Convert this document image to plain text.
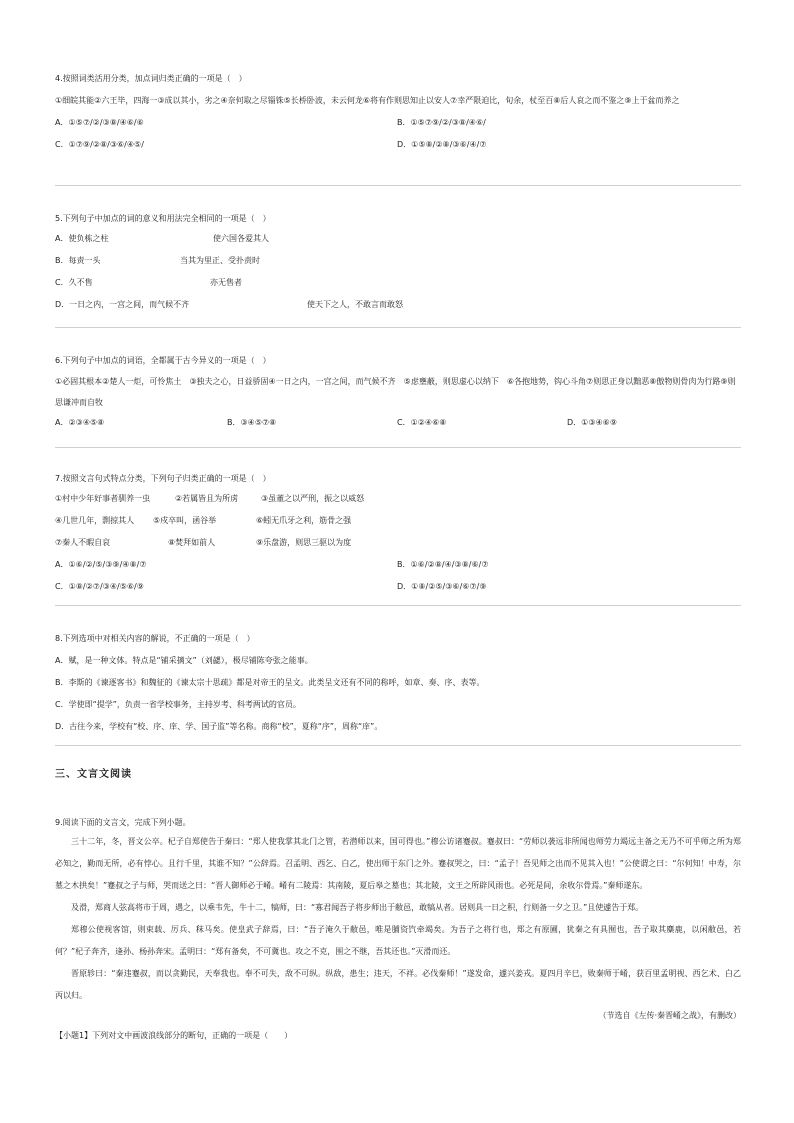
4.按照词类活用分类，加点词归类正确的一项是（　）

①细皖其能②六王毕，四海一③成以其小，劣之④奈何取之尽锱铢⑤长桥卧波，未云何龙⑥将有作则思知止以安人⑦幸严限迫比，旬余，杖至百⑧后人哀之而不鉴之⑨上于盆而养之

A．①⑤⑦/②/③⑧/④⑥/⑥	B．①⑤⑦⑨/②/③⑧/④⑥/
C．①⑦⑨/②⑧/③⑥/④⑤/	D．①⑤⑧/②⑧/③⑥/④/⑦

5.下列句子中加点的词的意义和用法完全相同的一项是（　）

A．使负栋之柱	使六国各爱其人
B．每责一头	当其为里正、受扑责时
C．久不售	亦无售者
D．一日之内，一宫之间，而气候不齐	使天下之人，不敢言而敢怒

6.下列句子中加点的词语，全都属于古今异义的一项是（　）

①必固其根本②楚人一炬，可怜焦土　③独夫之心，日益骄固④一日之内，一宫之间，而气候不齐　⑤虑壅蔽，则思虚心以纳下　⑥各抱地势，钩心斗角⑦则思正身以黜恶⑧傲物则骨肉为行路⑨则思谦冲而自牧

A．②③④⑤⑧	B．③④⑤⑦⑧	C．①②④⑥⑧	D．①③④⑥⑨

7.按照文言句式特点分类，下列句子归类正确的一项是（　）

①村中少年好事者驯养一虫	②若属皆且为所虏	③虽董之以严刑，振之以威怒
④几世几年，剽掠其人 ⑤戍卒叫，函谷举	⑥蚓无爪牙之利，筋骨之强
⑦秦人不暇自哀	⑧焚拜如前人	⑨乐盘游，则思三驱以为度
A．①⑥/②/⑤/③⑨/④⑧/⑦	B．①⑥/②⑧/④/③⑧/⑥/⑦
C．①⑧/②⑦/③④/⑤⑥/⑨	D．①⑧/②⑤/③⑥/⑥⑦/⑨

8.下列选项中对相关内容的解说，不正确的一项是（　）

A．赋，是一种文体。特点是“铺采摛文”（刘勰），极尽铺陈夸张之能事。

B．李斯的《谏逐客书》和魏征的《谏太宗十思疏》都是对帝王的呈文。此类呈文还有不同的称呼，如章、奏、序、表等。

C．学使即“提学”，负责一省学校事务，主持岁考、科考两试的官员。

D．古往今来，学校有“校、序、庠、学、国子监”等名称。商称“校”，夏称“序”，周称“庠”。

三、文言文阅读

9.阅读下面的文言文，完成下列小题。

三十二年，冬，晋文公卒。杞子自郑使告于秦曰：“郑人使我掌其北门之管，若潜师以来，国可得也。”穆公访诸蹇叔。蹇叔曰：“劳师以袭远非所闻也师劳力竭远主备之无乃不可乎师之所为郑必知之，勤而无所，必有悖心。且行千里，其谁不知？”公辞焉。召孟明、西乞、白乙，使出师于东门之外。蹇叔哭之，曰：“孟子！吾见师之出而不见其入也！”公使谓之曰：“尔何知！中寿，尔墓之木拱矣！”蹇叔之子与师，哭而送之曰：“晋人御师必于崤。崤有二陵焉：其南陵，夏后皋之墓也；其北陵，文王之所辟风雨也。必死是间，余收尔骨焉。”秦师遂东。

及滑，郑商人弦高将市于周，遇之，以乘韦先，牛十二，犒师，曰：“寡君闻吾子将步师出于敝邑，敢犒从者。居则具一日之积，行则备一夕之卫。”且使遽告于郑。

郑穆公使视客馆，则束载、厉兵、秣马矣。使皇武子辞焉，曰：“吾子淹久于敝邑，唯是脯资饩牵竭矣。为吾子之将行也，郑之有原圃，犹秦之有具囿也，吾子取其麋鹿，以闲敝邑，若何？”杞子奔齐，逢孙、杨孙奔宋。孟明曰：“郑有备矣，不可冀也。攻之不克，围之不继，吾其还也。”灭滑而还。

晋原轸曰：“秦违蹇叔，而以贪勤民，天奉我也。奉不可失，敌不可纵。纵敌，患生；违天，不祥。必伐秦师！”遂发命，遽兴姜戎。夏四月辛巳，败秦师于崤，获百里孟明视、西乞术、白乙丙以归。

（节选自《左传·秦晋崤之战》，有删改）

【小题1】下列对文中画波浪线部分的断句，正确的一项是（　　）
